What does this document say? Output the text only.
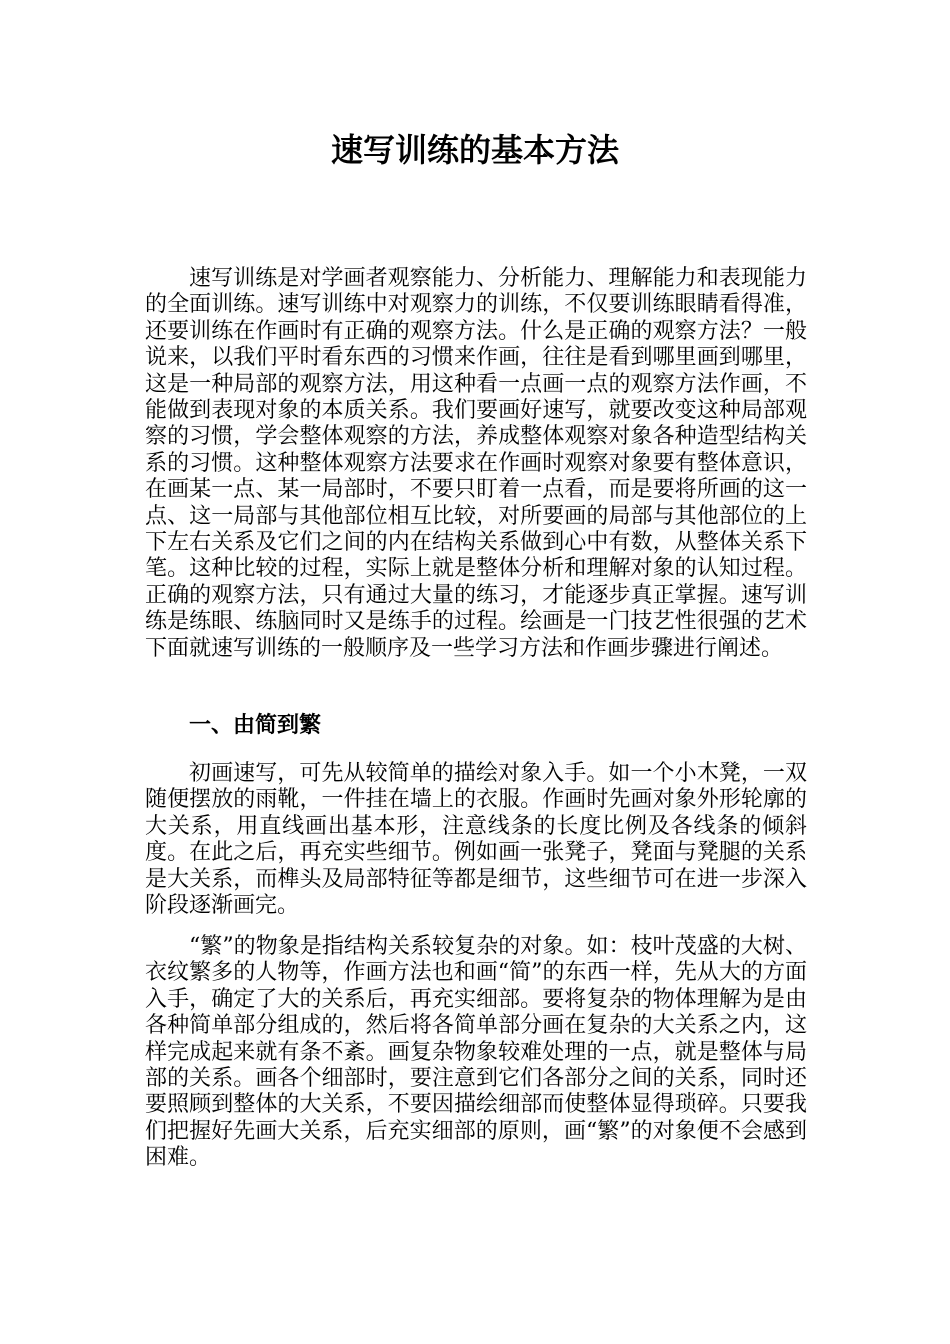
速写训练的基本方法

速写训练是对学画者观察能力、分析能力、理解能力和表现能力的全面训练。速写训练中对观察力的训练，不仅要训练眼睛看得准，还要训练在作画时有正确的观察方法。什么是正确的观察方法？一般说来，以我们平时看东西的习惯来作画，往往是看到哪里画到哪里，这是一种局部的观察方法，用这种看一点画一点的观察方法作画，不能做到表现对象的本质关系。我们要画好速写，就要改变这种局部观察的习惯，学会整体观察的方法，养成整体观察对象各种造型结构关系的习惯。这种整体观察方法要求在作画时观察对象要有整体意识，在画某一点、某一局部时，不要只盯着一点看，而是要将所画的这一点、这一局部与其他部位相互比较，对所要画的局部与其他部位的上下左右关系及它们之间的内在结构关系做到心中有数，从整体关系下笔。这种比较的过程，实际上就是整体分析和理解对象的认知过程。正确的观察方法，只有通过大量的练习，才能逐步真正掌握。速写训练是练眼、练脑同时又是练手的过程。绘画是一门技艺性很强的艺术下面就速写训练的一般顺序及一些学习方法和作画步骤进行阐述。

一、由简到繁

初画速写，可先从较简单的描绘对象入手。如一个小木凳，一双随便摆放的雨靴，一件挂在墙上的衣服。作画时先画对象外形轮廓的大关系，用直线画出基本形，注意线条的长度比例及各线条的倾斜度。在此之后，再充实些细节。例如画一张凳子，凳面与凳腿的关系是大关系，而榫头及局部特征等都是细节，这些细节可在进一步深入阶段逐渐画完。

“繁”的物象是指结构关系较复杂的对象。如：枝叶茂盛的大树、衣纹繁多的人物等，作画方法也和画“简”的东西一样，先从大的方面入手，确定了大的关系后，再充实细部。要将复杂的物体理解为是由各种简单部分组成的，然后将各简单部分画在复杂的大关系之内，这样完成起来就有条不紊。画复杂物象较难处理的一点，就是整体与局部的关系。画各个细部时，要注意到它们各部分之间的关系，同时还要照顾到整体的大关系，不要因描绘细部而使整体显得琐碎。只要我们把握好先画大关系，后充实细部的原则，画“繁”的对象便不会感到困难。
